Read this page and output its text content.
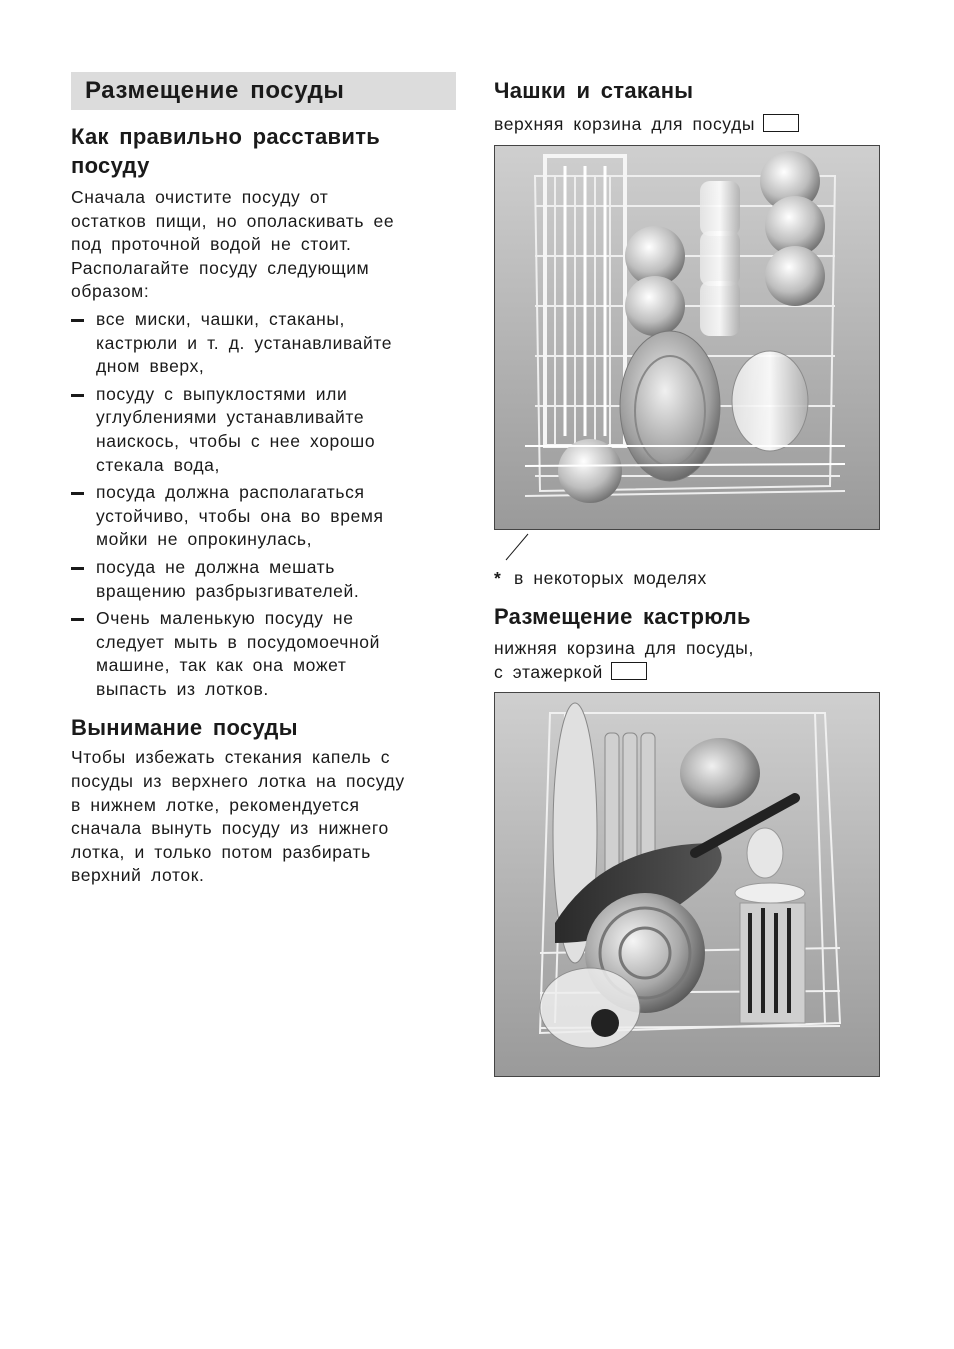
Размещение посуды
Как правильно расставить
посуду

Сначала очистите посуду от

остатков пищи, но ополаскивать ее

под проточной водой не стоит.

Располагайте посуду следующим

образом:

все миски, чашки, стаканы,
кастрюли и т. д. устанавливайте
дном вверх,
посуду с выпуклостями или
углублениями устанавливайте
наискось, чтобы с нее хорошо
стекала вода,
посуда должна располагаться
устойчиво, чтобы она во время
мойки не опрокинулась,
посуда не должна мешать
вращению разбрызгивателей.
Очень маленькую посуду не
следует мыть в посудомоечной
машине, так как она может
выпасть из лотков.
Вынимание посуды

Чтобы избежать стекания капель с

посуды из верхнего лотка на посуду

в нижнем лотке, рекомендуется

сначала вынуть посуду из нижнего

лотка, и только потом разбирать

верхний лоток.

Чашки и стаканы

верхняя корзина для посуды

* в некоторых моделях

Размещение кастрюль

нижняя корзина для посуды,

с этажеркой
